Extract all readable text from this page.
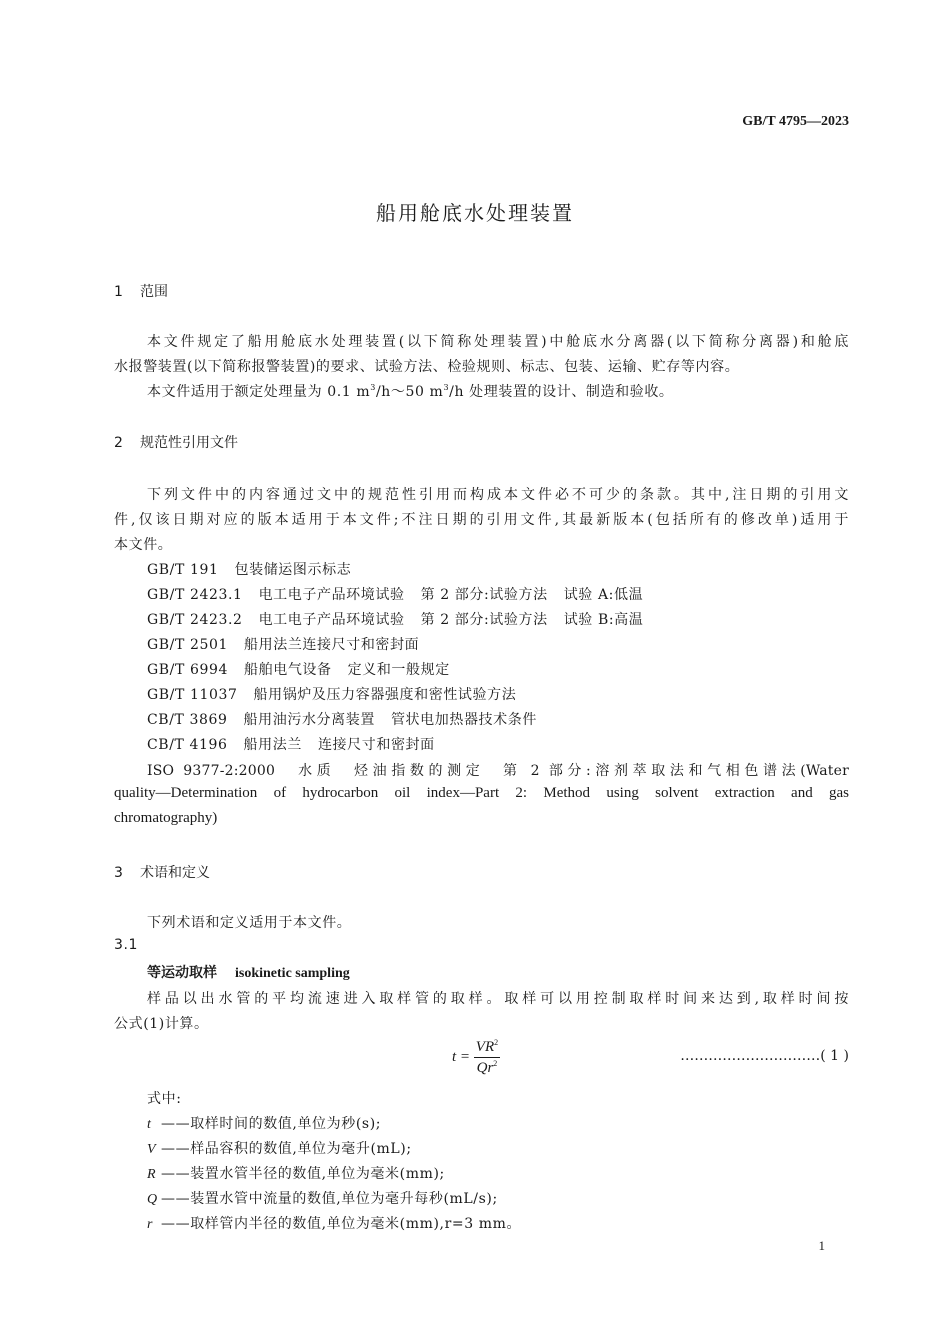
GB/T 4795—2023
船用舱底水处理装置
1 范围
本文件规定了船用舱底水处理装置(以下简称处理装置)中舱底水分离器(以下简称分离器)和舱底
水报警装置(以下简称报警装置)的要求、试验方法、检验规则、标志、包装、运输、贮存等内容。
本文件适用于额定处理量为 0.1 $m^3/h\sim 50$ $m^3/h$ 处理装置的设计、制造和验收。
2 规范性引用文件
下列文件中的内容通过文中的规范性引用而构成本文件必不可少的条款。其中,注日期的引用文
件,仅该日期对应的版本适用于本文件;不注日期的引用文件,其最新版本(包括所有的修改单)适用于
本文件。
GB/T 191 包装储运图示标志
GB/T 2423.1 电工电子产品环境试验 第 2 部分:试验方法 试验 A:低温
GB/T 2423.2 电工电子产品环境试验 第 2 部分:试验方法 试验 B:高温
GB/T 2501 船用法兰连接尺寸和密封面
GB/T 6994 船舶电气设备 定义和一般规定
GB/T 11037 船用锅炉及压力容器强度和密性试验方法
CB/T 3869 船用油污水分离装置 管状电加热器技术条件
CB/T 4196 船用法兰 连接尺寸和密封面
ISO 9377-2:2000　水质　烃油指数的测定　第 2 部分:溶剂萃取法和气相色谱法(Water
quality—Determination of hydrocarbon oil index—Part 2: Method using solvent extraction and gas
chromatography)
3 术语和定义
下列术语和定义适用于本文件。
3.1
等运动取样 isokinetic sampling
样品以出水管的平均流速进入取样管的取样。取样可以用控制取样时间来达到,取样时间按
公式(1)计算。
$t = \frac{VR^2}{Qr^2}$	…………………………( 1 )
式中:
t ——取样时间的数值,单位为秒(s);
V ——样品容积的数值,单位为毫升(mL);
R ——装置水管半径的数值,单位为毫米(mm);
Q ——装置水管中流量的数值,单位为毫升每秒(mL/s);
r ——取样管内半径的数值,单位为毫米(mm),r=3 mm。
1
